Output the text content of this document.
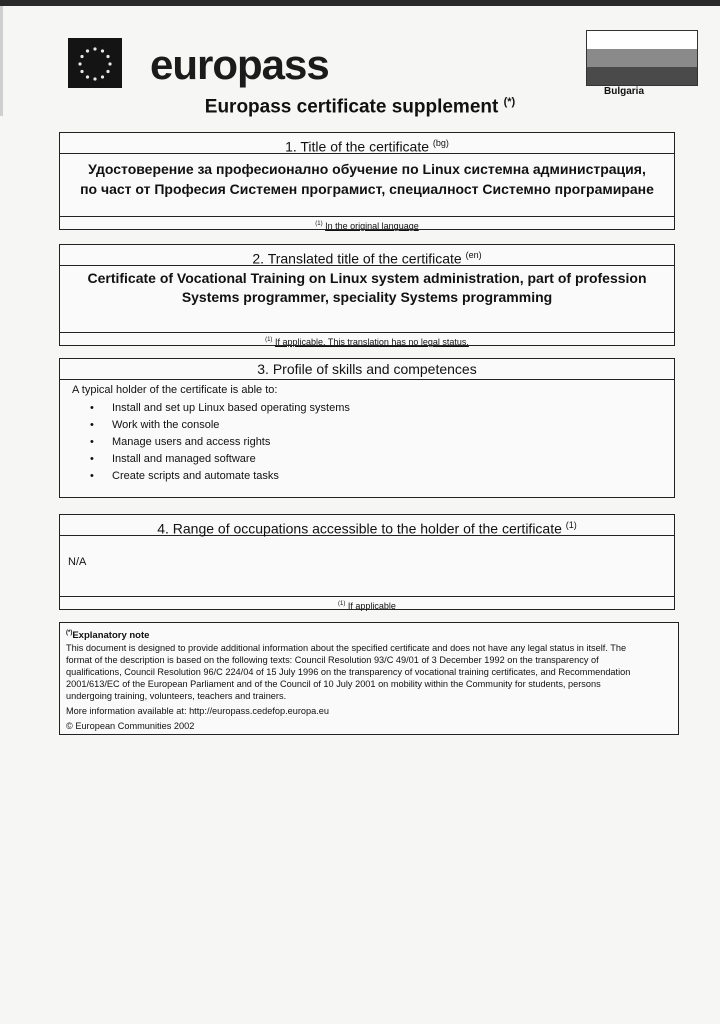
europass
Bulgaria
Europass certificate supplement (*)
1. Title of the certificate $^{(bg)}$
Удостоверение за професионално обучение по Linux системна администрация,
по част от Професия Системен програмист, специалност Системно програмиране
$^{(1)}$ In the original language
2. Translated title of the certificate $^{(en)}$
Certificate of Vocational Training on Linux system administration, part of profession
Systems programmer, speciality Systems programming
$^{(1)}$ If applicable. This translation has no legal status.
3. Profile of skills and competences
A typical holder of the certificate is able to:
• Install and set up Linux based operating systems
• Work with the console
• Manage users and access rights
• Install and managed software
• Create scripts and automate tasks
4. Range of occupations accessible to the holder of the certificate $^{(1)}$
N/A
$^{(1)}$ If applicable
(*)Explanatory note

This document is designed to provide additional information about the specified certificate and does not have any legal status in itself. The

format of the description is based on the following texts: Council Resolution 93/C 49/01 of 3 December 1992 on the transparency of

qualifications, Council Resolution 96/C 224/04 of 15 July 1996 on the transparency of vocational training certificates, and Recommendation

2001/613/EC of the European Parliament and of the Council of 10 July 2001 on mobility within the Community for students, persons

undergoing training, volunteers, teachers and trainers.

More information available at: http://europass.cedefop.europa.eu

© European Communities 2002
